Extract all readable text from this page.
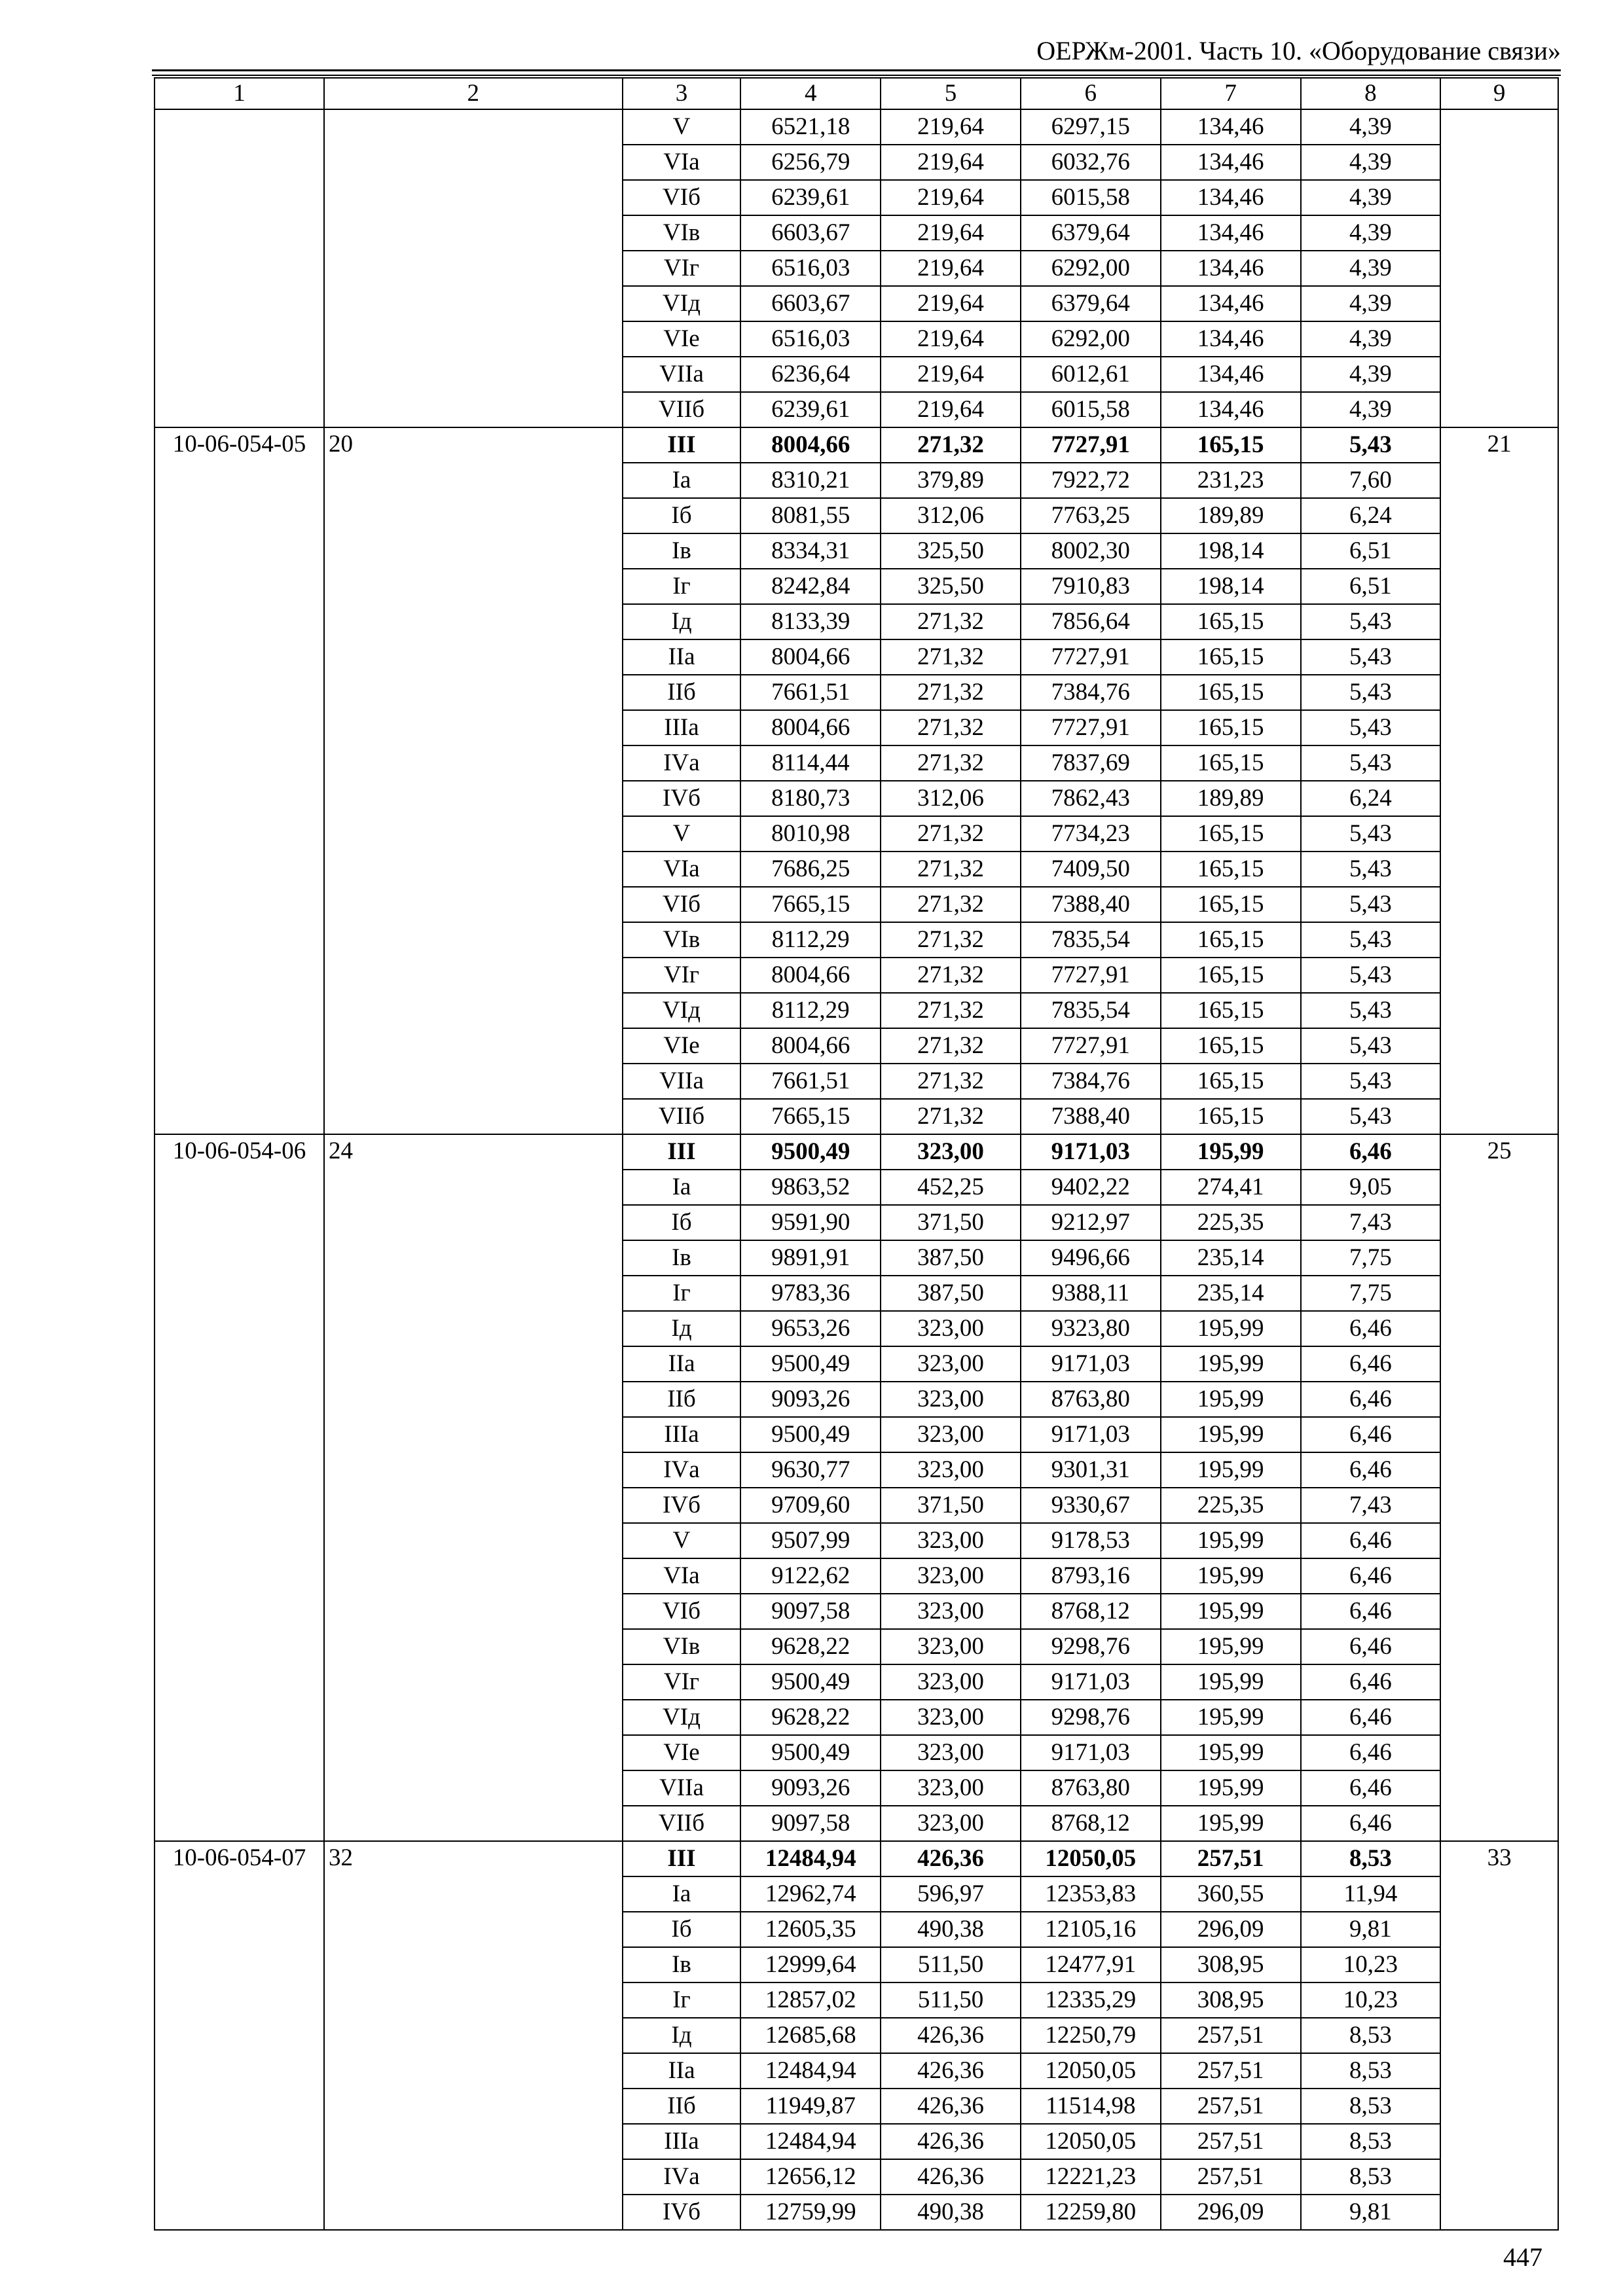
ОЕРЖм-2001. Часть 10. «Оборудование связи»
1	2	3	4	5	6	7	8	9
		V	6521,18	219,64	6297,15	134,46	4,39	
		VIа	6256,79	219,64	6032,76	134,46	4,39	
		VIб	6239,61	219,64	6015,58	134,46	4,39	
		VIв	6603,67	219,64	6379,64	134,46	4,39	
		VIг	6516,03	219,64	6292,00	134,46	4,39	
		VIд	6603,67	219,64	6379,64	134,46	4,39	
		VIе	6516,03	219,64	6292,00	134,46	4,39	
		VIIа	6236,64	219,64	6012,61	134,46	4,39	
		VIIб	6239,61	219,64	6015,58	134,46	4,39	
10-06-054-05	20	III	8004,66	271,32	7727,91	165,15	5,43	21
		Iа	8310,21	379,89	7922,72	231,23	7,60	
		Iб	8081,55	312,06	7763,25	189,89	6,24	
		Iв	8334,31	325,50	8002,30	198,14	6,51	
		Iг	8242,84	325,50	7910,83	198,14	6,51	
		Iд	8133,39	271,32	7856,64	165,15	5,43	
		IIа	8004,66	271,32	7727,91	165,15	5,43	
		IIб	7661,51	271,32	7384,76	165,15	5,43	
		IIIа	8004,66	271,32	7727,91	165,15	5,43	
		IVа	8114,44	271,32	7837,69	165,15	5,43	
		IVб	8180,73	312,06	7862,43	189,89	6,24	
		V	8010,98	271,32	7734,23	165,15	5,43	
		VIа	7686,25	271,32	7409,50	165,15	5,43	
		VIб	7665,15	271,32	7388,40	165,15	5,43	
		VIв	8112,29	271,32	7835,54	165,15	5,43	
		VIг	8004,66	271,32	7727,91	165,15	5,43	
		VIд	8112,29	271,32	7835,54	165,15	5,43	
		VIе	8004,66	271,32	7727,91	165,15	5,43	
		VIIа	7661,51	271,32	7384,76	165,15	5,43	
		VIIб	7665,15	271,32	7388,40	165,15	5,43	
10-06-054-06	24	III	9500,49	323,00	9171,03	195,99	6,46	25
		Iа	9863,52	452,25	9402,22	274,41	9,05	
		Iб	9591,90	371,50	9212,97	225,35	7,43	
		Iв	9891,91	387,50	9496,66	235,14	7,75	
		Iг	9783,36	387,50	9388,11	235,14	7,75	
		Iд	9653,26	323,00	9323,80	195,99	6,46	
		IIа	9500,49	323,00	9171,03	195,99	6,46	
		IIб	9093,26	323,00	8763,80	195,99	6,46	
		IIIа	9500,49	323,00	9171,03	195,99	6,46	
		IVа	9630,77	323,00	9301,31	195,99	6,46	
		IVб	9709,60	371,50	9330,67	225,35	7,43	
		V	9507,99	323,00	9178,53	195,99	6,46	
		VIа	9122,62	323,00	8793,16	195,99	6,46	
		VIб	9097,58	323,00	8768,12	195,99	6,46	
		VIв	9628,22	323,00	9298,76	195,99	6,46	
		VIг	9500,49	323,00	9171,03	195,99	6,46	
		VIд	9628,22	323,00	9298,76	195,99	6,46	
		VIе	9500,49	323,00	9171,03	195,99	6,46	
		VIIа	9093,26	323,00	8763,80	195,99	6,46	
		VIIб	9097,58	323,00	8768,12	195,99	6,46	
10-06-054-07	32	III	12484,94	426,36	12050,05	257,51	8,53	33
		Iа	12962,74	596,97	12353,83	360,55	11,94	
		Iб	12605,35	490,38	12105,16	296,09	9,81	
		Iв	12999,64	511,50	12477,91	308,95	10,23	
		Iг	12857,02	511,50	12335,29	308,95	10,23	
		Iд	12685,68	426,36	12250,79	257,51	8,53	
		IIа	12484,94	426,36	12050,05	257,51	8,53	
		IIб	11949,87	426,36	11514,98	257,51	8,53	
		IIIа	12484,94	426,36	12050,05	257,51	8,53	
		IVа	12656,12	426,36	12221,23	257,51	8,53	
		IVб	12759,99	490,38	12259,80	296,09	9,81	
447
